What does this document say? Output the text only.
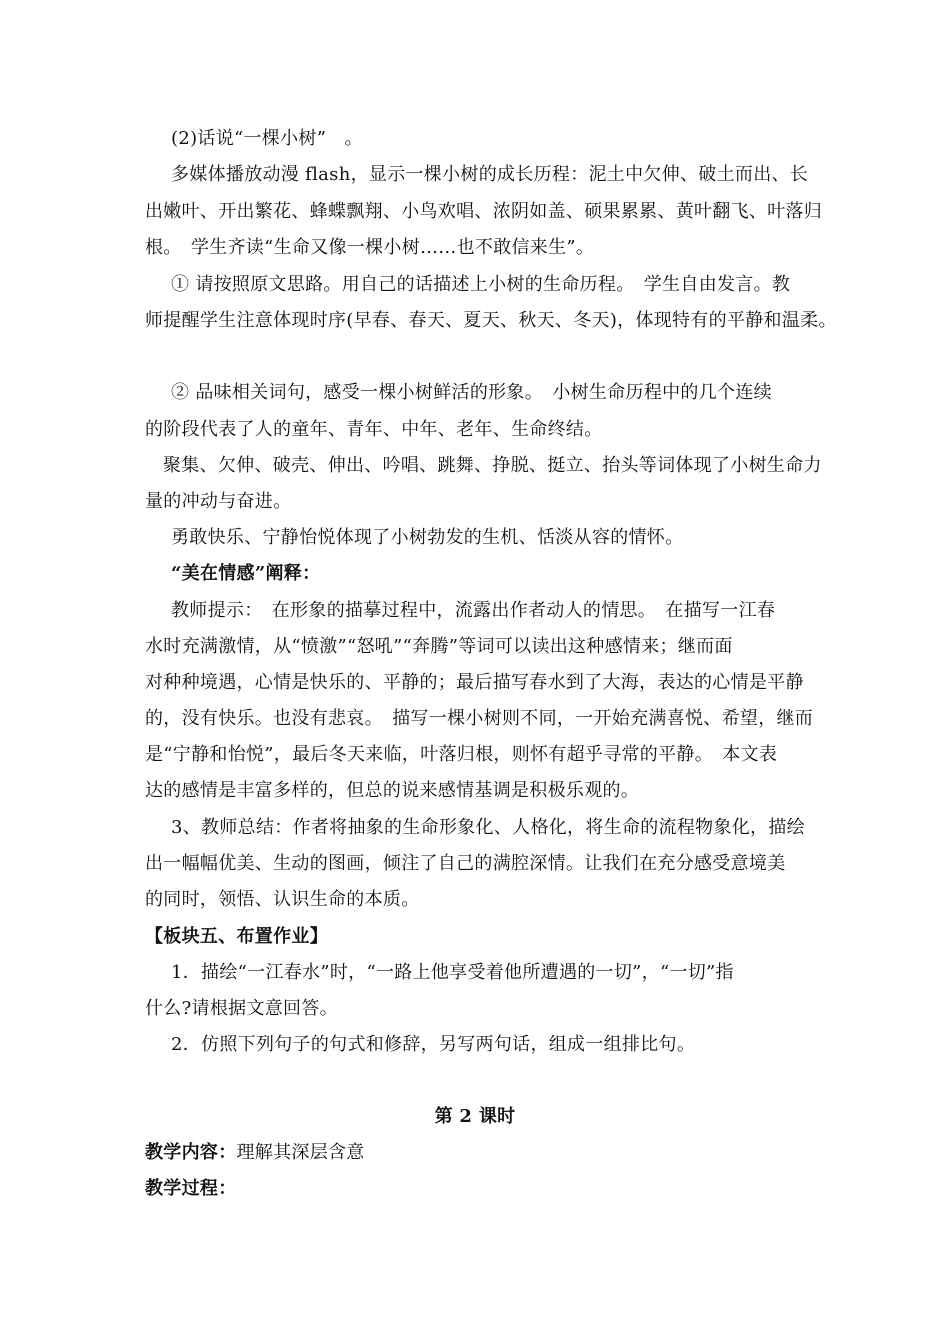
(2)话说“一棵小树”　。
多媒体播放动漫 flash，显示一棵小树的成长历程：泥土中欠伸、破土而出、长
出嫩叶、开出繁花、蜂蝶飘翔、小鸟欢唱、浓阴如盖、硕果累累、黄叶翻飞、叶落归
根。　学生齐读“生命又像一棵小树……也不敢信来生”。
① 请按照原文思路。用自己的话描述上小树的生命历程。　学生自由发言。教
师提醒学生注意体现时序(早春、春天、夏天、秋天、冬天)，体现特有的平静和温柔。
② 品味相关词句，感受一棵小树鲜活的形象。　小树生命历程中的几个连续
的阶段代表了人的童年、青年、中年、老年、生命终结。
聚集、欠伸、破壳、伸出、吟唱、跳舞、挣脱、挺立、抬头等词体现了小树生命力
量的冲动与奋进。
勇敢快乐、宁静怡悦体现了小树勃发的生机、恬淡从容的情怀。
“美在情感”阐释：
教师提示：　在形象的描摹过程中，流露出作者动人的情思。　在描写一江春
水时充满激情，从“愤激”“怒吼”“奔腾”等词可以读出这种感情来；继而面
对种种境遇，心情是快乐的、平静的；最后描写春水到了大海，表达的心情是平静
的，没有快乐。也没有悲哀。　描写一棵小树则不同，一开始充满喜悦、希望，继而
是“宁静和怡悦”，最后冬天来临，叶落归根，则怀有超乎寻常的平静。　本文表
达的感情是丰富多样的，但总的说来感情基调是积极乐观的。
3、教师总结：作者将抽象的生命形象化、人格化，将生命的流程物象化，描绘
出一幅幅优美、生动的图画，倾注了自己的满腔深情。让我们在充分感受意境美
的同时，领悟、认识生命的本质。
【板块五、布置作业】
1．描绘“一江春水”时，“一路上他享受着他所遭遇的一切”，“一切”指
什么?请根据文意回答。
2．仿照下列句子的句式和修辞，另写两句话，组成一组排比句。
第 2 课时
教学内容：理解其深层含意
教学过程：
